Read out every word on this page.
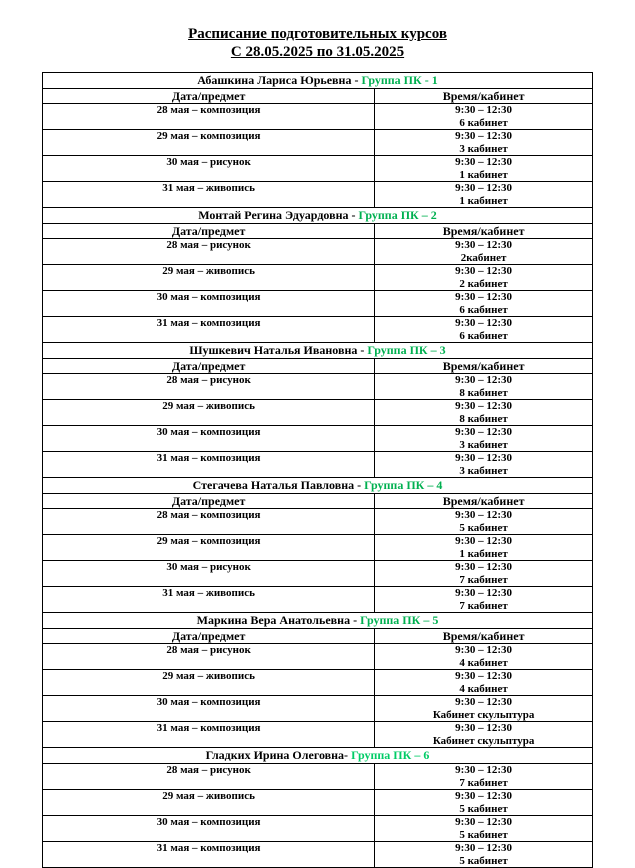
Расписание подготовительных курсов
С 28.05.2025 по 31.05.2025
Абашкина Лариса Юрьевна - Группа ПК - 1	
Дата/предмет	Время/кабинет
28 мая – композиция	9:30 – 12:30
6 кабинет

29 мая – композиция	9:30 – 12:30
3 кабинет

30 мая – рисунок	9:30 – 12:30
1 кабинет

31 мая – живопись	9:30 – 12:30
1 кабинет

Монтай Регина Эдуардовна - Группа ПК – 2	
Дата/предмет	Время/кабинет
28 мая – рисунок	9:30 – 12:30
2кабинет

29 мая – живопись	9:30 – 12:30
2 кабинет

30 мая – композиция	9:30 – 12:30
6 кабинет

31 мая – композиция	9:30 – 12:30
6 кабинет

Шушкевич Наталья Ивановна - Группа ПК – 3	
Дата/предмет	Время/кабинет
28 мая – рисунок	9:30 – 12:30
8 кабинет

29 мая – живопись	9:30 – 12:30
8 кабинет

30 мая – композиция	9:30 – 12:30
3 кабинет

31 мая – композиция	9:30 – 12:30
3 кабинет

Стегачева Наталья Павловна - Группа ПК – 4	
Дата/предмет	Время/кабинет
28 мая – композиция	9:30 – 12:30
5 кабинет

29 мая – композиция	9:30 – 12:30
1 кабинет

30 мая – рисунок	9:30 – 12:30
7 кабинет

31 мая – живопись	9:30 – 12:30
7 кабинет

Маркина Вера Анатольевна - Группа ПК – 5	
Дата/предмет	Время/кабинет
28 мая – рисунок	9:30 – 12:30
4 кабинет

29 мая – живопись	9:30 – 12:30
4 кабинет

30 мая – композиция	9:30 – 12:30
Кабинет скульптура

31 мая – композиция	9:30 – 12:30
Кабинет скульптура

Гладких Ирина Олеговна- Группа ПК – 6	
28 мая – рисунок	9:30 – 12:30
7 кабинет

29 мая – живопись	9:30 – 12:30
5 кабинет

30 мая – композиция	9:30 – 12:30
5 кабинет

31 мая – композиция	9:30 – 12:30
5 кабинет
